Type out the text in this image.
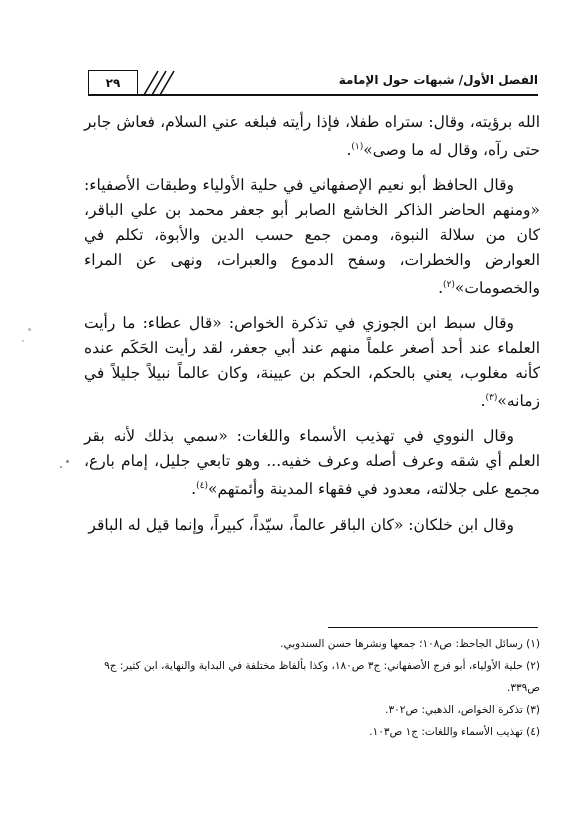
الفصل الأول/ شبهات حول الإمامة
٢٩

الله برؤيته، وقال: ستراه طفلا، فإذا رأيته فبلغه عني السلام، فعاش جابر حتى رآه، وقال له ما وصى»$^{(١)}$.

وقال الحافظ أبو نعيم الإصفهاني في حلية الأولياء وطبقات الأصفياء: «ومنهم الحاضر الذاكر الخاشع الصابر أبو جعفر محمد بن علي الباقر، كان من سلالة النبوة، وممن جمع حسب الدين والأبوة، تكلم في العوارض والخطرات، وسفح الدموع والعبرات، ونهى عن المراء والخصومات»$^{(٢)}$.

وقال سبط ابن الجوزي في تذكرة الخواص: «قال عطاء: ما رأيت العلماء عند أحد أصغر علماً منهم عند أبي جعفر، لقد رأيت الحَكَم عنده كأنه مغلوب، يعني بالحكم، الحكم بن عيينة، وكان عالماً نبيلاً جليلاً في زمانه»$^{(٣)}$.

وقال النووي في تهذيب الأسماء واللغات: «سمي بذلك لأنه بقر العلم أي شقه وعرف أصله وعرف خفيه... وهو تابعي جليل، إمام بارع، مجمع على جلالته، معدود في فقهاء المدينة وأئمتهم»$^{(٤)}$.

وقال ابن خلكان: «كان الباقر عالماً، سيّداً، كبيراً، وإنما قيل له الباقر

(١) رسائل الجاحظ: ص١٠٨؛ جمعها ونشرها حسن السندوبي.
(٢) حلية الأولياء، أبو فرج الأصفهاني: ج٣ ص١٨٠، وكذا بألفاظ مختلفة في البداية والنهاية، ابن كثير: ج٩ ص٣٣٩.
(٣) تذكرة الخواص، الذهبي: ص٣٠٢.
(٤) تهذيب الأسماء واللغات: ج١ ص١٠٣.
